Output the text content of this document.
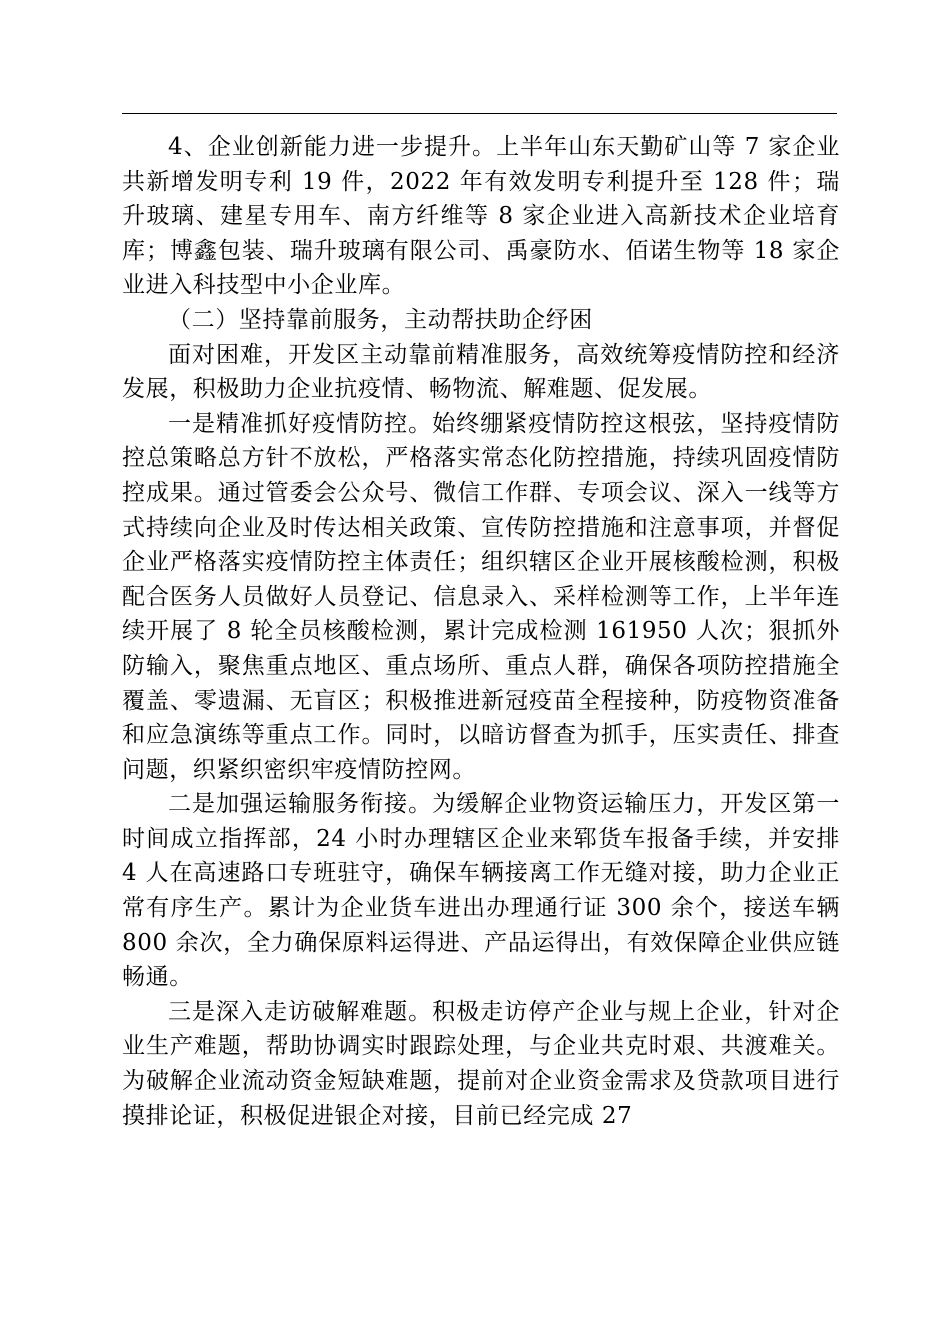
4、企业创新能力进一步提升。上半年山东天勤矿山等 7 家企业共新增发明专利 19 件，2022 年有效发明专利提升至 128 件；瑞升玻璃、建星专用车、南方纤维等 8 家企业进入高新技术企业培育库；博鑫包装、瑞升玻璃有限公司、禹豪防水、佰诺生物等 18 家企业进入科技型中小企业库。

（二）坚持靠前服务，主动帮扶助企纾困

面对困难，开发区主动靠前精准服务，高效统筹疫情防控和经济发展，积极助力企业抗疫情、畅物流、解难题、促发展。

一是精准抓好疫情防控。始终绷紧疫情防控这根弦，坚持疫情防控总策略总方针不放松，严格落实常态化防控措施，持续巩固疫情防控成果。通过管委会公众号、微信工作群、专项会议、深入一线等方式持续向企业及时传达相关政策、宣传防控措施和注意事项，并督促企业严格落实疫情防控主体责任；组织辖区企业开展核酸检测，积极配合医务人员做好人员登记、信息录入、采样检测等工作，上半年连续开展了 8 轮全员核酸检测，累计完成检测 161950 人次；狠抓外防输入，聚焦重点地区、重点场所、重点人群，确保各项防控措施全覆盖、零遗漏、无盲区；积极推进新冠疫苗全程接种，防疫物资准备和应急演练等重点工作。同时，以暗访督查为抓手，压实责任、排查问题，织紧织密织牢疫情防控网。

二是加强运输服务衔接。为缓解企业物资运输压力，开发区第一时间成立指挥部，24 小时办理辖区企业来郓货车报备手续，并安排 4 人在高速路口专班驻守，确保车辆接离工作无缝对接，助力企业正常有序生产。累计为企业货车进出办理通行证 300 余个，接送车辆 800 余次，全力确保原料运得进、产品运得出，有效保障企业供应链畅通。

三是深入走访破解难题。积极走访停产企业与规上企业，针对企业生产难题，帮助协调实时跟踪处理，与企业共克时艰、共渡难关。为破解企业流动资金短缺难题，提前对企业资金需求及贷款项目进行摸排论证，积极促进银企对接，目前已经完成 27
